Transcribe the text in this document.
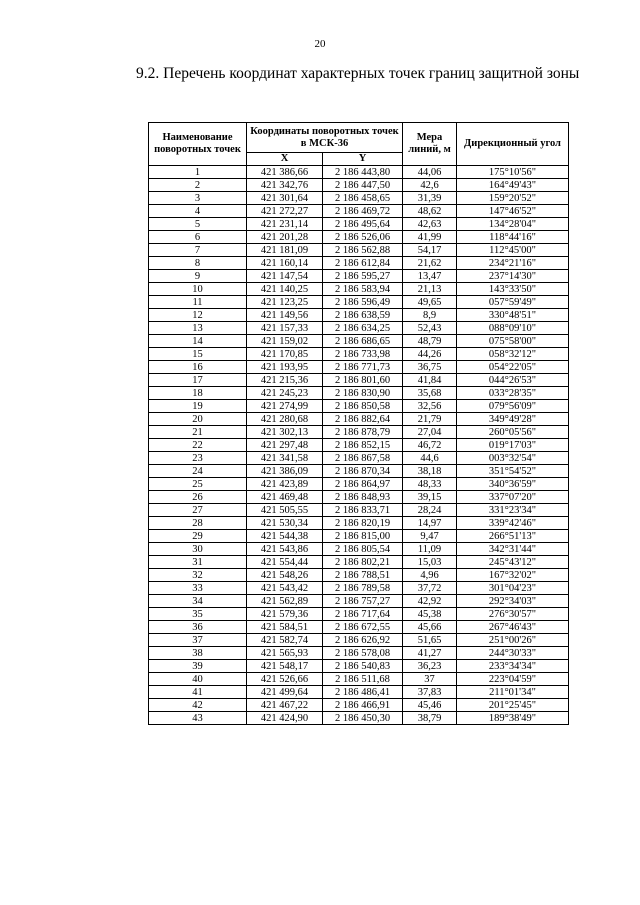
20
9.2. Перечень координат характерных точек границ защитной зоны
Наименование поворотных точек	Координаты поворотных точек в МСК-36		Мера линий, м	Дирекционный угол
	X	Y		
1	421 386,66	2 186 443,80	44,06	175°10'56"
2	421 342,76	2 186 447,50	42,6	164°49'43"
3	421 301,64	2 186 458,65	31,39	159°20'52"
4	421 272,27	2 186 469,72	48,62	147°46'52"
5	421 231,14	2 186 495,64	42,63	134°28'04"
6	421 201,28	2 186 526,06	41,99	118°44'16"
7	421 181,09	2 186 562,88	54,17	112°45'00"
8	421 160,14	2 186 612,84	21,62	234°21'16"
9	421 147,54	2 186 595,27	13,47	237°14'30"
10	421 140,25	2 186 583,94	21,13	143°33'50"
11	421 123,25	2 186 596,49	49,65	057°59'49"
12	421 149,56	2 186 638,59	8,9	330°48'51"
13	421 157,33	2 186 634,25	52,43	088°09'10"
14	421 159,02	2 186 686,65	48,79	075°58'00"
15	421 170,85	2 186 733,98	44,26	058°32'12"
16	421 193,95	2 186 771,73	36,75	054°22'05"
17	421 215,36	2 186 801,60	41,84	044°26'53"
18	421 245,23	2 186 830,90	35,68	033°28'35"
19	421 274,99	2 186 850,58	32,56	079°56'09"
20	421 280,68	2 186 882,64	21,79	349°49'28"
21	421 302,13	2 186 878,79	27,04	260°05'56"
22	421 297,48	2 186 852,15	46,72	019°17'03"
23	421 341,58	2 186 867,58	44,6	003°32'54"
24	421 386,09	2 186 870,34	38,18	351°54'52"
25	421 423,89	2 186 864,97	48,33	340°36'59"
26	421 469,48	2 186 848,93	39,15	337°07'20"
27	421 505,55	2 186 833,71	28,24	331°23'34"
28	421 530,34	2 186 820,19	14,97	339°42'46"
29	421 544,38	2 186 815,00	9,47	266°51'13"
30	421 543,86	2 186 805,54	11,09	342°31'44"
31	421 554,44	2 186 802,21	15,03	245°43'12"
32	421 548,26	2 186 788,51	4,96	167°32'02"
33	421 543,42	2 186 789,58	37,72	301°04'23"
34	421 562,89	2 186 757,27	42,92	292°34'03"
35	421 579,36	2 186 717,64	45,38	276°30'57"
36	421 584,51	2 186 672,55	45,66	267°46'43"
37	421 582,74	2 186 626,92	51,65	251°00'26"
38	421 565,93	2 186 578,08	41,27	244°30'33"
39	421 548,17	2 186 540,83	36,23	233°34'34"
40	421 526,66	2 186 511,68	37	223°04'59"
41	421 499,64	2 186 486,41	37,83	211°01'34"
42	421 467,22	2 186 466,91	45,46	201°25'45"
43	421 424,90	2 186 450,30	38,79	189°38'49"
